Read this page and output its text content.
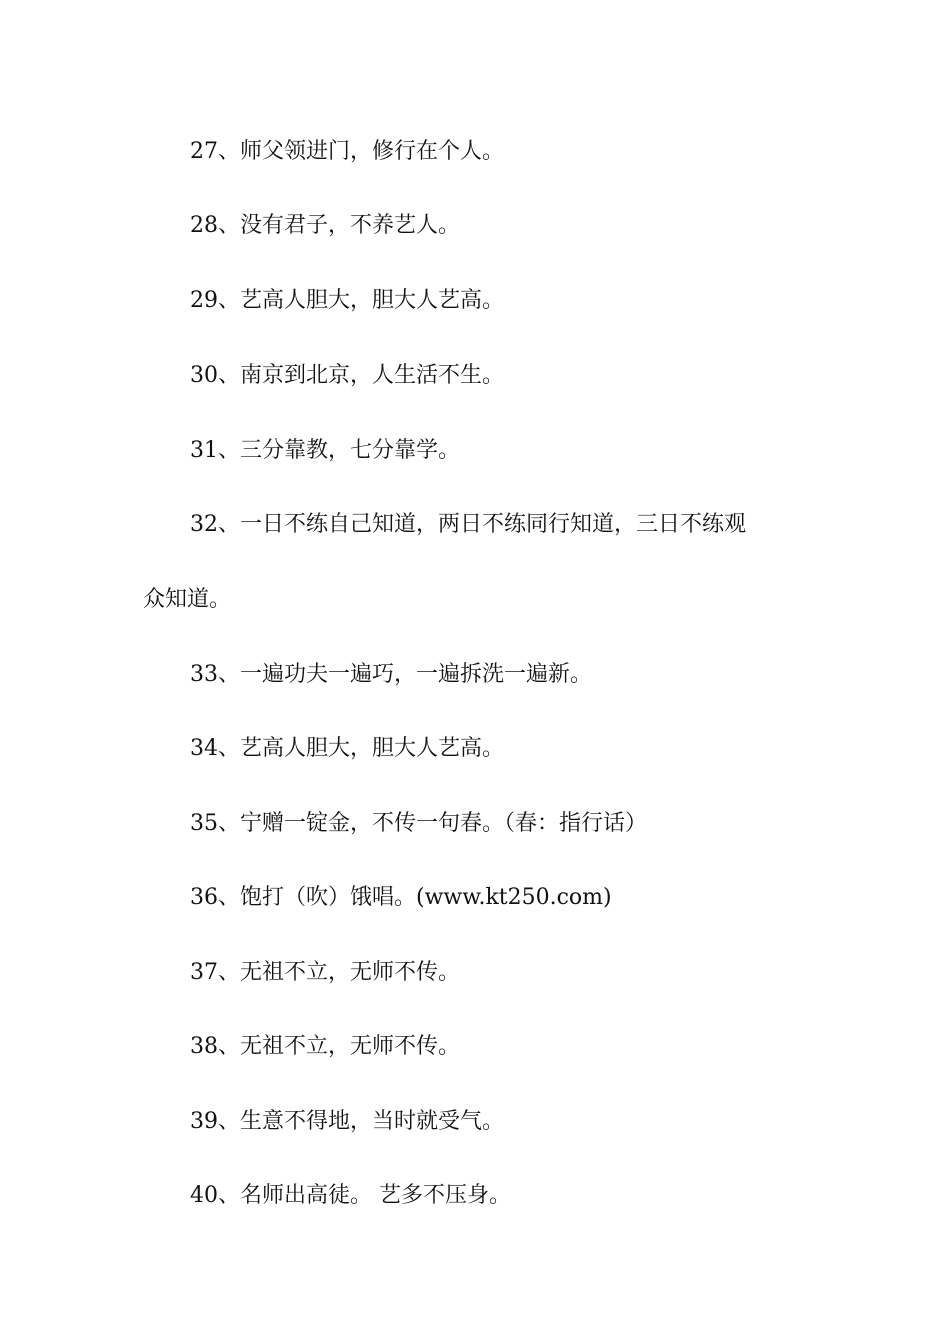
27、师父领进门，修行在个人。
28、没有君子，不养艺人。
29、艺高人胆大，胆大人艺高。
30、南京到北京，人生活不生。
31、三分靠教，七分靠学。
32、一日不练自己知道，两日不练同行知道，三日不练观
众知道。
33、一遍功夫一遍巧，一遍拆洗一遍新。
34、艺高人胆大，胆大人艺高。
35、宁赠一锭金，不传一句春。（春：指行话）
36、饱打（吹）饿唱。(www.kt250.com)
37、无祖不立，无师不传。
38、无祖不立，无师不传。
39、生意不得地，当时就受气。
40、名师出高徒。 艺多不压身。
